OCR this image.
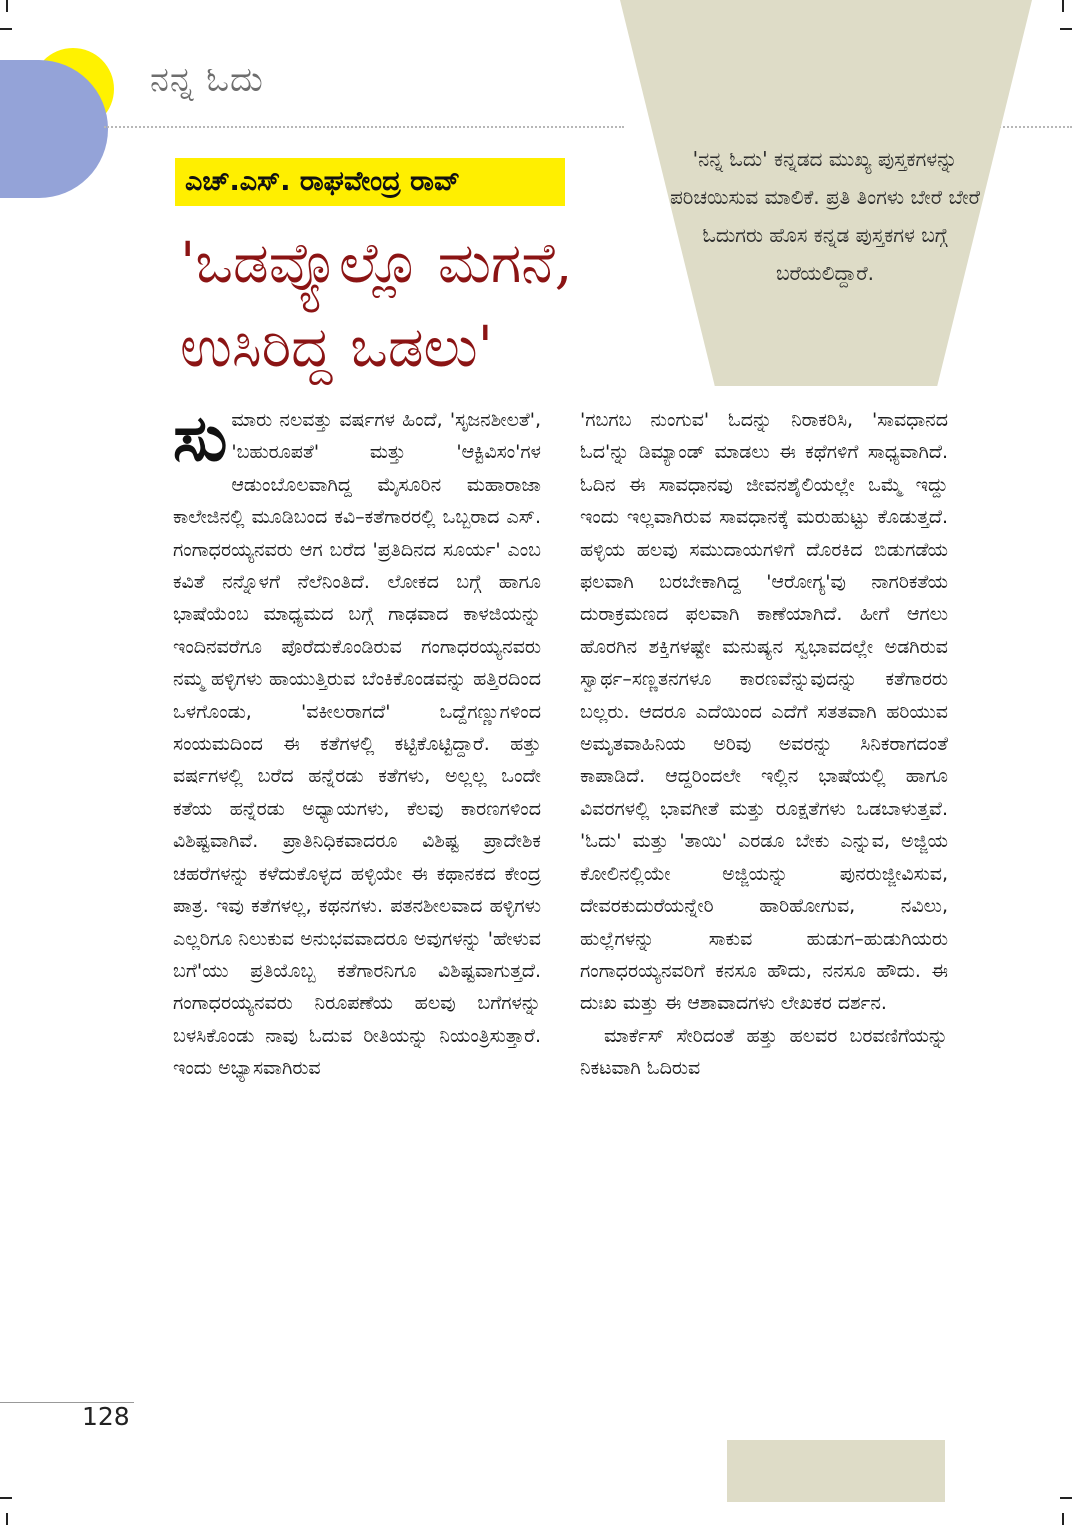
ನನ್ನ ಓದು
'ನನ್ನ ಓದು' ಕನ್ನಡದ ಮುಖ್ಯ ಪುಸ್ತಕಗಳನ್ನು ಪರಿಚಯಿಸುವ ಮಾಲಿಕೆ. ಪ್ರತಿ ತಿಂಗಳು ಬೇರೆ ಬೇರೆ ಓದುಗರು ಹೊಸ ಕನ್ನಡ ಪುಸ್ತಕಗಳ ಬಗ್ಗೆ ಬರೆಯಲಿದ್ದಾರೆ.
ಎಚ್.ಎಸ್. ರಾಘವೇಂದ್ರ ರಾವ್
'ಒಡವ್ಯೊಲ್ಲೊ ಮಗನೆ,
ಉಸಿರಿದ್ದ ಒಡಲು'
ಸುಮಾರು ನಲವತ್ತು ವರ್ಷಗಳ ಹಿಂದೆ, 'ಸೃಜನಶೀಲತೆ', 'ಬಹುರೂಪತೆ' ಮತ್ತು 'ಆಕ್ಟಿವಿಸಂ'ಗಳ ಆಡುಂಬೊಲವಾಗಿದ್ದ ಮೈಸೂರಿನ ಮಹಾರಾಜಾ ಕಾಲೇಜಿನಲ್ಲಿ ಮೂಡಿಬಂದ ಕವಿ–ಕತೆಗಾರರಲ್ಲಿ ಒಬ್ಬರಾದ ಎಸ್. ಗಂಗಾಧರಯ್ಯನವರು ಆಗ ಬರೆದ 'ಪ್ರತಿದಿನದ ಸೂರ್ಯ' ಎಂಬ ಕವಿತೆ ನನ್ನೊಳಗೆ ನೆಲೆನಿಂತಿದೆ. ಲೋಕದ ಬಗ್ಗೆ ಹಾಗೂ ಭಾಷೆಯೆಂಬ ಮಾಧ್ಯಮದ ಬಗ್ಗೆ ಗಾಢವಾದ ಕಾಳಜಿಯನ್ನು ಇಂದಿನವರೆಗೂ ಪೊರೆದುಕೊಂಡಿರುವ ಗಂಗಾಧರಯ್ಯನವರು ನಮ್ಮ ಹಳ್ಳಿಗಳು ಹಾಯುತ್ತಿರುವ ಬೆಂಕಿಕೊಂಡವನ್ನು ಹತ್ತಿರದಿಂದ ಒಳಗೊಂಡು, 'ವಕೀಲರಾಗದೆ' ಒದ್ದೆಗಣ್ಣುಗಳಿಂದ ಸಂಯಮದಿಂದ ಈ ಕತೆಗಳಲ್ಲಿ ಕಟ್ಟಿಕೊಟ್ಟಿದ್ದಾರೆ. ಹತ್ತು ವರ್ಷಗಳಲ್ಲಿ ಬರೆದ ಹನ್ನೆರಡು ಕತೆಗಳು, ಅಲ್ಲಲ್ಲ ಒಂದೇ ಕತೆಯ ಹನ್ನೆರಡು ಅಧ್ಯಾಯಗಳು, ಕೆಲವು ಕಾರಣಗಳಿಂದ ವಿಶಿಷ್ಟವಾಗಿವೆ. ಪ್ರಾತಿನಿಧಿಕವಾದರೂ ವಿಶಿಷ್ಟ ಪ್ರಾದೇಶಿಕ ಚಹರೆಗಳನ್ನು ಕಳೆದುಕೊಳ್ಳದ ಹಳ್ಳಿಯೇ ಈ ಕಥಾನಕದ ಕೇಂದ್ರ ಪಾತ್ರ. ಇವು ಕತೆಗಳಲ್ಲ, ಕಥನಗಳು. ಪತನಶೀಲವಾದ ಹಳ್ಳಿಗಳು ಎಲ್ಲರಿಗೂ ನಿಲುಕುವ ಅನುಭವವಾದರೂ ಅವುಗಳನ್ನು 'ಹೇಳುವ ಬಗೆ'ಯು ಪ್ರತಿಯೊಬ್ಬ ಕತೆಗಾರನಿಗೂ ವಿಶಿಷ್ಟವಾಗುತ್ತದೆ. ಗಂಗಾಧರಯ್ಯನವರು ನಿರೂಪಣೆಯ ಹಲವು ಬಗೆಗಳನ್ನು ಬಳಸಿಕೊಂಡು ನಾವು ಓದುವ ರೀತಿಯನ್ನು ನಿಯಂತ್ರಿಸುತ್ತಾರೆ. ಇಂದು ಅಭ್ಯಾಸವಾಗಿರುವ
'ಗಬಗಬ ನುಂಗುವ' ಓದನ್ನು ನಿರಾಕರಿಸಿ, 'ಸಾವಧಾನದ ಓದ'ನ್ನು ಡಿಮ್ಯಾಂಡ್ ಮಾಡಲು ಈ ಕಥೆಗಳಿಗೆ ಸಾಧ್ಯವಾಗಿದೆ. ಓದಿನ ಈ ಸಾವಧಾನವು ಜೀವನಶೈಲಿಯಲ್ಲೇ ಒಮ್ಮೆ ಇದ್ದು ಇಂದು ಇಲ್ಲವಾಗಿರುವ ಸಾವಧಾನಕ್ಕೆ ಮರುಹುಟ್ಟು ಕೊಡುತ್ತದೆ. ಹಳ್ಳಿಯ ಹಲವು ಸಮುದಾಯಗಳಿಗೆ ದೊರಕಿದ ಬಿಡುಗಡೆಯ ಫಲವಾಗಿ ಬರಬೇಕಾಗಿದ್ದ 'ಆರೋಗ್ಯ'ವು ನಾಗರಿಕತೆಯ ದುರಾಕ್ರಮಣದ ಫಲವಾಗಿ ಕಾಣೆಯಾಗಿದೆ. ಹೀಗೆ ಆಗಲು ಹೊರಗಿನ ಶಕ್ತಿಗಳಷ್ಟೇ ಮನುಷ್ಯನ ಸ್ವಭಾವದಲ್ಲೇ ಅಡಗಿರುವ ಸ್ವಾರ್ಥ–ಸಣ್ಣತನಗಳೂ ಕಾರಣವೆನ್ನುವುದನ್ನು ಕತೆಗಾರರು ಬಲ್ಲರು. ಆದರೂ ಎದೆಯಿಂದ ಎದೆಗೆ ಸತತವಾಗಿ ಹರಿಯುವ ಅಮೃತವಾಹಿನಿಯ ಅರಿವು ಅವರನ್ನು ಸಿನಿಕರಾಗದಂತೆ ಕಾಪಾಡಿದೆ. ಆದ್ದರಿಂದಲೇ ಇಲ್ಲಿನ ಭಾಷೆಯಲ್ಲಿ ಹಾಗೂ ವಿವರಗಳಲ್ಲಿ ಭಾವಗೀತೆ ಮತ್ತು ರೂಕ್ಷತೆಗಳು ಒಡಬಾಳುತ್ತವೆ. 'ಓದು' ಮತ್ತು 'ತಾಯಿ' ಎರಡೂ ಬೇಕು ಎನ್ನುವ, ಅಜ್ಜಿಯ ಕೋಲಿನಲ್ಲಿಯೇ ಅಜ್ಜಿಯನ್ನು ಪುನರುಜ್ಜೀವಿಸುವ, ದೇವರಕುದುರೆಯನ್ನೇರಿ ಹಾರಿಹೋಗುವ, ನವಿಲು, ಹುಲ್ಲೆಗಳನ್ನು ಸಾಕುವ ಹುಡುಗ–ಹುಡುಗಿಯರು ಗಂಗಾಧರಯ್ಯನವರಿಗೆ ಕನಸೂ ಹೌದು, ನನಸೂ ಹೌದು. ಈ ದುಃಖ ಮತ್ತು ಈ ಆಶಾವಾದಗಳು ಲೇಖಕರ ದರ್ಶನ.
ಮಾರ್ಕೆಸ್ ಸೇರಿದಂತೆ ಹತ್ತು ಹಲವರ ಬರವಣಿಗೆಯನ್ನು ನಿಕಟವಾಗಿ ಓದಿರುವ
128
